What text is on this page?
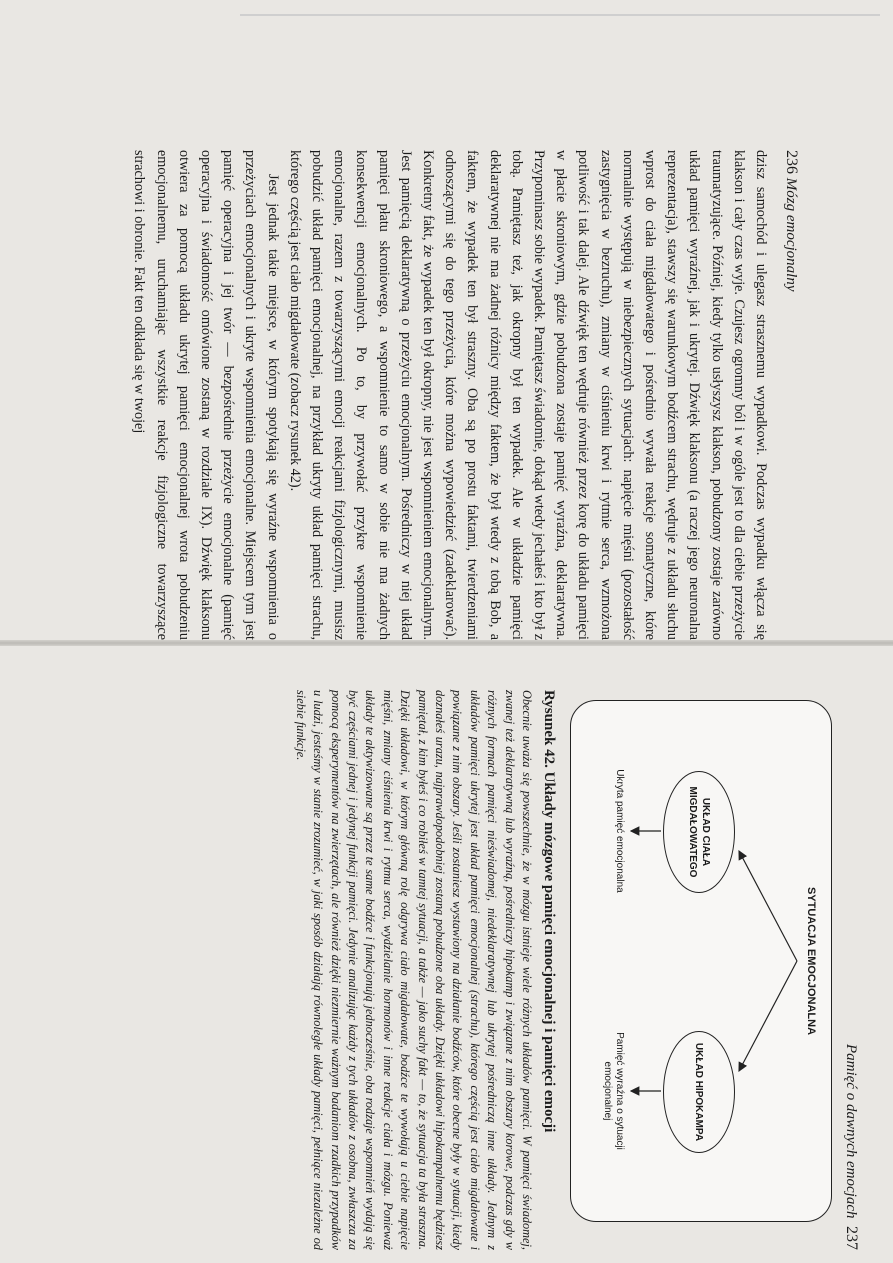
236 Mózg emocjonalny

dzisz samochód i ulegasz strasznemu wypadkowi. Podczas wypadku włącza się klakson i cały czas wyje. Czujesz ogromny ból i w ogóle jest to dla ciebie przeżycie traumatyzujące. Później, kiedy tylko usłyszysz klakson, pobudzony zostaje zarówno układ pamięci wyraźnej, jak i ukrytej. Dźwięk klaksonu (a raczej jego neuronalna reprezentacja), stawszy się warunkowym bodźcem strachu, wędruje z układu słuchu wprost do ciała migdałowatego i pośrednio wywała reakcje somatyczne, które normalnie występują w niebezpiecznych sytuacjach: napięcie mięśni (pozostałość zastygnięcia w bezruchu), zmiany w ciśnieniu krwi i rytmie serca, wzmożona potliwość i tak dalej. Ale dźwięk ten wędruje również przez korę do układu pamięci w płacie skroniowym, gdzie pobudzona zostaje pamięć wyraźna, deklaratywna. Przypominasz sobie wypadek. Pamiętasz świadomie, dokąd wtedy jechałeś i kto był z tobą. Pamiętasz też, jak okropny był ten wypadek. Ale w układzie pamięci deklaratywnej nie ma żadnej różnicy między faktem, że był wtedy z tobą Bob, a faktem, że wypadek ten był straszny. Oba są po prostu faktami, twierdzeniami odnoszącymi się do tego przeżycia, które można wypowiedzieć (zadeklarować). Konkretny fakt, że wypadek ten był okropny, nie jest wspomnieniem emocjonalnym. Jest pamięcią deklaratywną o przeżyciu emocjonalnym. Pośredniczy w niej układ pamięci płatu skroniowego, a wspomnienie to samo w sobie nie ma żadnych konsekwencji emocjonalnych. Po to, by przywołać przykre wspomnienie emocjonalne, razem z towarzyszącymi emocji reakcjami fizjologicznymi, musisz pobudzić układ pamięci emocjonalnej, na przykład ukryty układ pamięci strachu, którego częścią jest ciało migdałowate (zobacz rysunek 42).

Jest jednak takie miejsce, w którym spotykają się wyraźne wspomnienia o przeżyciach emocjonalnych i ukryte wspomnienia emocjonalne. Miejscem tym jest pamięć operacyjna i jej twór — bezpośrednie przeżycie emocjonalne (pamięć operacyjna i świadomość omówione zostaną w rozdziale IX). Dźwięk klaksonu otwiera za pomocą układu ukrytej pamięci emocjonalnej wrota pobudzeniu emocjonalnemu, uruchamiając wszystkie reakcje fizjologiczne towarzyszące strachowi i obronie. Fakt ten odkłada się w twojej

Pamięć o dawnych emocjach  237
SYTUACJA EMOCJONALNA
UKŁAD CIAŁA MIGDAŁOWATEGO
UKŁAD HIPOKAMPA
Ukryta pamięć emocjonalna
Pamięć wyraźna o sytuacji emocjonalnej
Rysunek 42. Układy mózgowe pamięci emocjonalnej i pamięci emocji
Obecnie uważa się powszechnie, że w mózgu istnieje wiele różnych układów pamięci. W pamięci świadomej, zwanej też deklaratywną lub wyraźną, pośredniczy hipokamp i związane z nim obszary korowe, podczas gdy w różnych formach pamięci nieświadomej, niedeklaratywnej lub ukrytej pośredniczą inne układy. Jednym z układów pamięci ukrytej jest układ pamięci emocjonalnej (strachu), którego częścią jest ciało migdałowate i powiązane z nim obszary. Jeśli zostaniesz wystawiony na działanie bodźców, które obecne były w sytuacji, kiedy doznałeś urazu, najprawdopodobniej zostaną pobudzone oba układy. Dzięki układowi hipokampalnemu będziesz pamiętał, z kim byłeś i co robiłeś w tamtej sytuacji, a także — jako suchy fakt — to, że sytuacja ta była straszna. Dzięki układowi, w którym główną rolę odgrywa ciało migdałowate, bodźce te wywołają u ciebie napięcie mięśni, zmiany ciśnienia krwi i rytmu serca, wydzielanie hormonów i inne reakcje ciała i mózgu. Ponieważ układy te aktywizowane są przez te same bodźce i funkcjonują jednocześnie, oba rodzaje wspomnień wydają się być częściami jednej i jedynej funkcji pamięci. Jedynie analizując każdy z tych układów z osobna, zwłaszcza za pomocą eksperymentów na zwierzętach, ale również dzięki niezmiernie ważnym badaniom rzadkich przypadków u ludzi, jesteśmy w stanie zrozumieć, w jaki sposób działają równoległe układy pamięci, pełniące niezależne od siebie funkcje.
